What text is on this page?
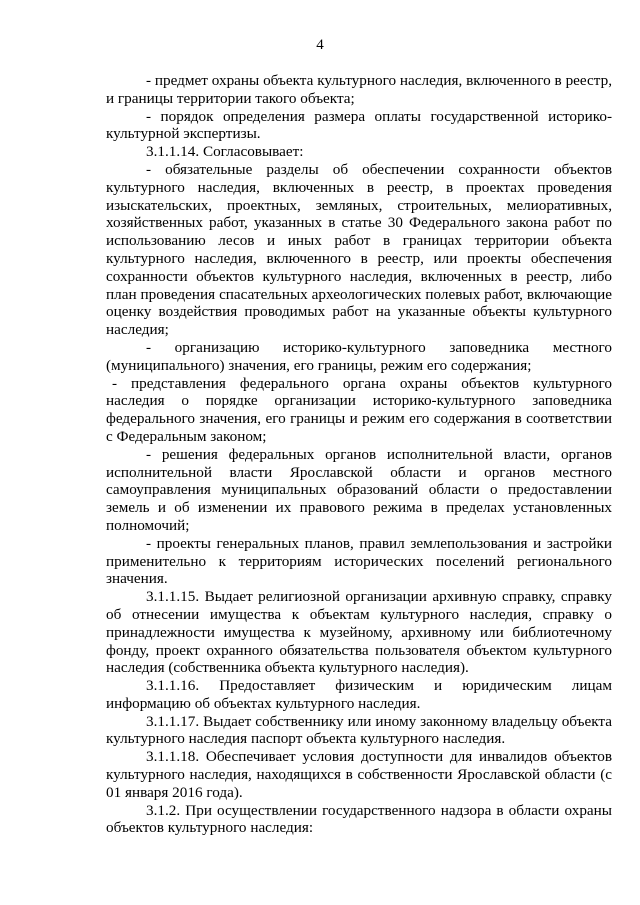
4

- предмет охраны объекта культурного наследия, включенного в реестр, и границы территории такого объекта;

- порядок определения размера оплаты государственной историко-культурной экспертизы.

3.1.1.14. Согласовывает:

- обязательные разделы об обеспечении сохранности объектов культурного наследия, включенных в реестр, в проектах проведения изыскательских, проектных, земляных, строительных, мелиоративных, хозяйственных работ, указанных в статье 30 Федерального закона работ по использованию лесов и иных работ в границах территории объекта культурного наследия, включенного в реестр, или проекты обеспечения сохранности объектов культурного наследия, включенных в реестр, либо план проведения спасательных археологических полевых работ, включающие оценку воздействия проводимых работ на указанные объекты культурного наследия;

- организацию историко-культурного заповедника местного (муниципального) значения, его границы, режим его содержания;

- представления федерального органа охраны объектов культурного наследия о порядке организации историко-культурного заповедника федерального значения, его границы и режим его содержания в соответствии с Федеральным законом;

- решения федеральных органов исполнительной власти, органов исполнительной власти Ярославской области и органов местного самоуправления муниципальных образований области о предоставлении земель и об изменении их правового режима в пределах установленных полномочий;

- проекты генеральных планов, правил землепользования и застройки применительно к территориям исторических поселений регионального значения.

3.1.1.15. Выдает религиозной организации архивную справку, справку об отнесении имущества к объектам культурного наследия, справку о принадлежности имущества к музейному, архивному или библиотечному фонду, проект охранного обязательства пользователя объектом культурного наследия (собственника объекта культурного наследия).

3.1.1.16. Предоставляет физическим и юридическим лицам информацию об объектах культурного наследия.

3.1.1.17. Выдает собственнику или иному законному владельцу объекта культурного наследия паспорт объекта культурного наследия.

3.1.1.18. Обеспечивает условия доступности для инвалидов объектов культурного наследия, находящихся в собственности Ярославской области (с 01 января 2016 года).

3.1.2. При осуществлении государственного надзора в области охраны объектов культурного наследия:
